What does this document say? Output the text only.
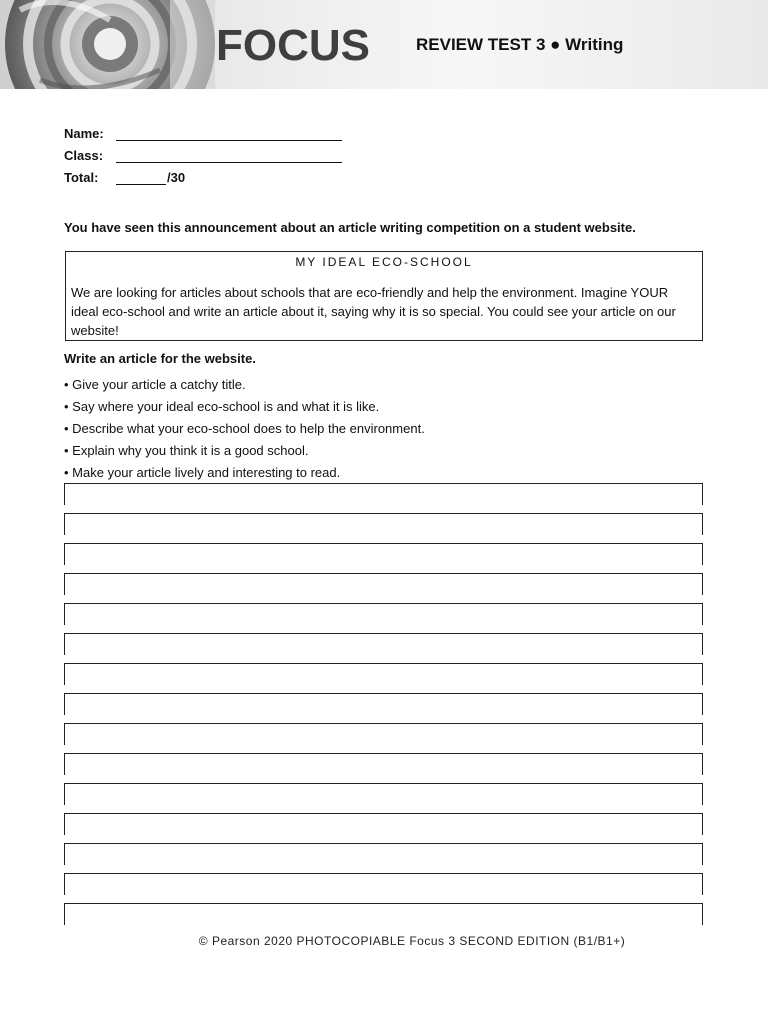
FOCUS	REVIEW TEST 3 ● Writing
Name:
Class:
Total:	/30
You have seen this announcement about an article writing competition on a student website.
MY IDEAL ECO-SCHOOL
We are looking for articles about schools that are eco-friendly and help the environment. Imagine YOUR ideal eco-school and write an article about it, saying why it is so special. You could see your article on our website!
Write an article for the website.
• Give your article a catchy title.
• Say where your ideal eco-school is and what it is like.
• Describe what your eco-school does to help the environment.
• Explain why you think it is a good school.
• Make your article lively and interesting to read.
© Pearson 2020 PHOTOCOPIABLE Focus 3 SECOND EDITION (B1/B1+)
